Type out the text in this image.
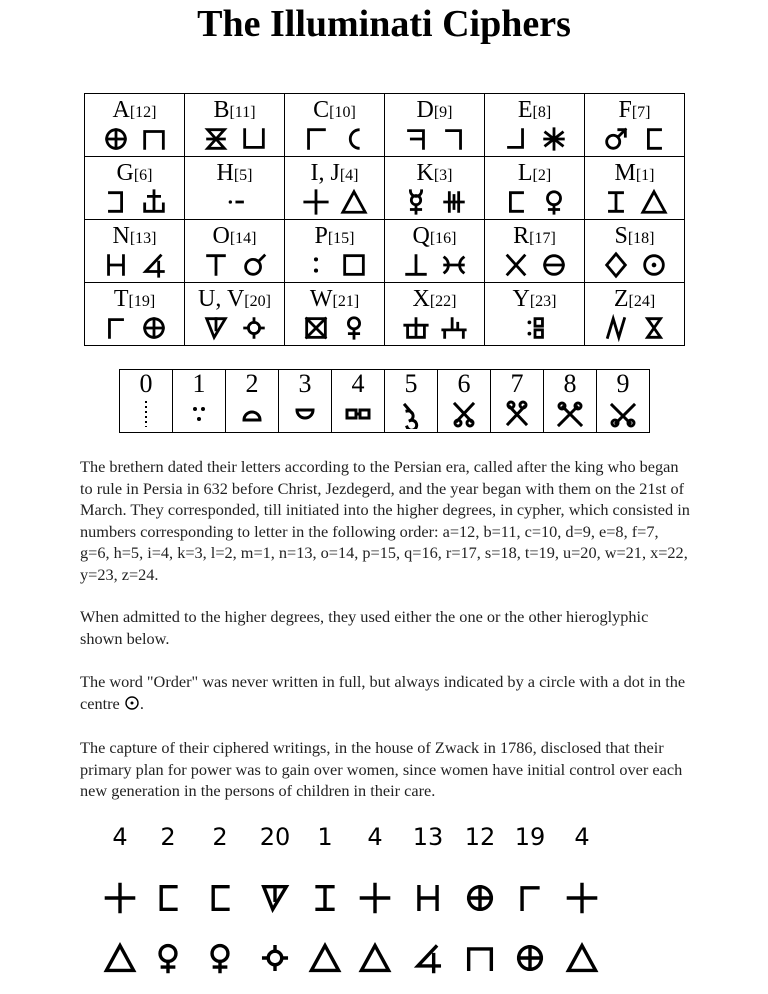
The Illuminati Ciphers
A[12]	B[11]	C[10]	D[9]	E[8]	F[7]

G[6]	H[5]	I, J[4]	K[3]	L[2]	M[1]

N[13]	O[14]	P[15]	Q[16]	R[17]	S[18]

T[19]	U, V[20]	W[21]	X[22]	Y[23]	Z[24]
0	1	2	3	4	5	6	7	8	9

The brethern dated their letters according to the Persian era, called after the king who began to rule in Persia in 632 before Christ, Jezdegerd, and the year began with them on the 21st of March. They corresponded, till initiated into the higher degrees, in cypher, which consisted in numbers corresponding to letter in the following order: a=12, b=11, c=10, d=9, e=8, f=7, g=6, h=5, i=4, k=3, l=2, m=1, n=13, o=14, p=15, q=16, r=17, s=18, t=19, u=20, w=21, x=22, y=23, z=24.

When admitted to the higher degrees, they used either the one or the other hieroglyphic shown below.

The word "Order" was never written in full, but always indicated by a circle with a dot in the centre .

The capture of their ciphered writings, in the house of Zwack in 1786, disclosed that their primary plan for power was to gain over women, since women have initial control over each new generation in the persons of children in their care.

4 2 2 20 1 4 13 12 19 4
